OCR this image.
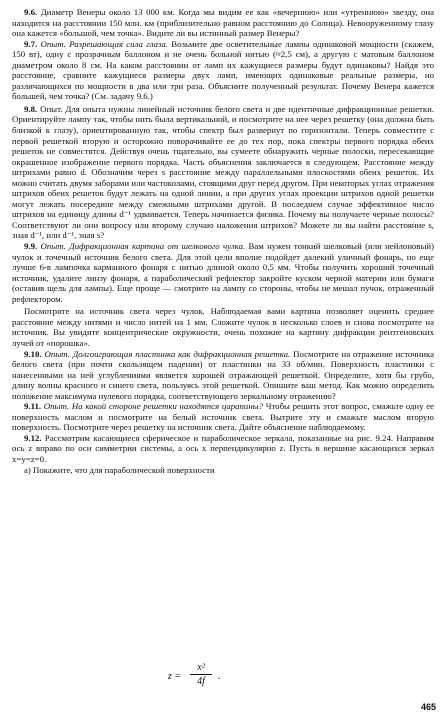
9.6. Диаметр Венеры около 13 000 км. Когда мы видим ее как «вечернюю» или «утреннюю» звезду, она находится на расстоянии 150 млн. км (приблизительно равном расстоянию до Солнца). Невооруженному глазу она кажется «большой, чем точка». Видите ли вы истинный размер Венеры?

9.7. Опыт. Разрешающая сила глаза. Возьмите две осветительные лампы одинаковой мощности (скажем, 150 вт), одну с прозрачным баллоном и не очень больной нитью (≈2,5 см), а другую с матовым баллоном диаметром около 8 см. На каком расстоянии от ламп их кажущиеся размеры будут одинаковы? Найдя это расстояние, сравните кажущиеся размеры двух ламп, имеющих одинаковые реальные размеры, но различающихся по мощности в два или три раза. Объясните полученный результат. Почему Венера кажется большей, чем точка? (См. задачу 9.6.)

9.8. Опыт. Для опыта нужны линейный источник белого света и две идентичные дифракционные решетки. Ориентируйте лампу так, чтобы нить была вертикальной, и посмотрите на нее через решетку (она должна быть близкой к глазу), ориентированную так, чтобы спектр был развернут по горизонтали. Теперь совместите с первой решеткой вторую и осторожно поворачивайте ее до тех пор, пока спектры первого порядка обеих решеток не совместятся. Действуя очень тщательно, вы сумеете обнаружить черные полоски, пересекающие окрашенное изображение первого порядка. Часть объяснения заключается в следующем. Расстояние между штрихами равно d. Обозначим через s расстояние между параллельными плоскостями обеих решеток. Их можно считать двумя заборами или частоколами, стоящими друг перед другом. При некоторых углах отражения штрихов обеих решеток будут лежать на одной линии, а при других углах проекции штрихов одной решетки могут лежать посередине между смежными штрихами другой. В последнем случае эффективное число штрихов на единицу длины d⁻¹ удваивается. Теперь начинается физика. Почему вы получаете черные полосы? Соответствуют ли они вопросу или второму случаю наложения штрихов? Можете ли вы найти расстояние s, зная d⁻¹, или d⁻¹, зная s?

9.9. Опыт. Дифракционная картина от шелкового чулка. Вам нужен тонкий шелковый (или нейлоновый) чулок и точечный источник белого света. Для этой цели вполне подойдет далекий уличный фонарь, но еще лучше 6-в лампочка карманного фонаря с нитью длиной около 0,5 мм. Чтобы получить хороший точечный источник, удалите линзу фонаря, а параболический рефлектор закройте куском черной материи или бумаги (оставив щель для лампы). Еще проще — смотрите на лампу со стороны, чтобы не мешал пучок, отраженный рефлектором.

Посмотрите на источник света через чулок. Наблюдаемая вами картина позволяет оценить среднее расстояние между нитями и число нитей на 1 мм. Сложите чулок в несколько слоев и снова посмотрите на источник. Вы увидите концентрические окружности, очень похожие на картину дифракции рентгеновских лучей от «порошка».

9.10. Опыт. Долгоиграющая пластинка как дифракционная решетка. Посмотрите на отражение источника белого света (при почти скользящем падении) от пластинки на 33 об/мин. Поверхность пластинки с нанесенными на ней углублениями является хорошей отражающей решеткой. Определите, хотя бы грубо, длину волны красного и синего света, пользуясь этой решеткой. Опишите ваш метод. Как можно определить положение максимума нулевого порядка, соответствующего зеркальному отражению?

9.11. Опыт. На какой стороне решетки находятся царапины? Чтобы решить этот вопрос, смажьте одну ее поверхность маслом и посмотрите на белый источник света. Вытрите эту и смажьте маслом вторую поверхность. Посмотрите через решетку на источник света. Дайте объяснение наблюдаемому.

9.12. Рассмотрим касающиеся сферическое и параболическое зеркала, показанные на рис. 9.24. Направим ось z вправо по оси симметрии системы, а ось x перпендикулярно z. Пусть в вершине касающихся зеркал x=y=z=0.

а) Покажите, что для параболической поверхности

$z = \frac{\text{x²}}{4f}$ .
465
